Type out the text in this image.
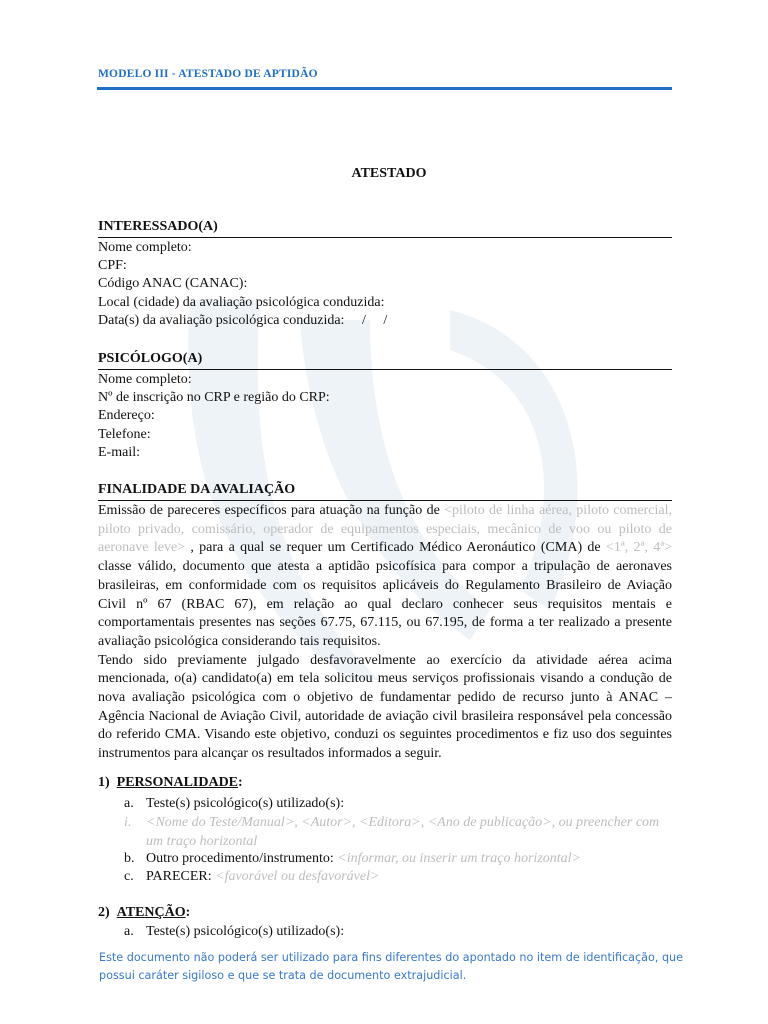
MODELO III - ATESTADO DE APTIDÃO
ATESTADO
INTERESSADO(A)
Nome completo:
CPF:
Código ANAC (CANAC):
Local (cidade) da avaliação psicológica conduzida:
Data(s) da avaliação psicológica conduzida:     /     /
PSICÓLOGO(A)
Nome completo:
Nº de inscrição no CRP e região do CRP:
Endereço:
Telefone:
E-mail:
FINALIDADE DA AVALIAÇÃO
Emissão de pareceres específicos para atuação na função de <piloto de linha aérea, piloto comercial, piloto privado, comissário, operador de equipamentos especiais, mecânico de voo ou piloto de aeronave leve> , para a qual se requer um Certificado Médico Aeronáutico (CMA) de <1ª, 2ª, 4ª> classe válido, documento que atesta a aptidão psicofísica para compor a tripulação de aeronaves brasileiras, em conformidade com os requisitos aplicáveis do Regulamento Brasileiro de Aviação Civil nº 67 (RBAC 67), em relação ao qual declaro conhecer seus requisitos mentais e comportamentais presentes nas seções 67.75, 67.115, ou 67.195, de forma a ter realizado a presente avaliação psicológica considerando tais requisitos.
Tendo sido previamente julgado desfavoravelmente ao exercício da atividade aérea acima mencionada, o(a) candidato(a) em tela solicitou meus serviços profissionais visando a condução de nova avaliação psicológica com o objetivo de fundamentar pedido de recurso junto à ANAC – Agência Nacional de Aviação Civil, autoridade de aviação civil brasileira responsável pela concessão do referido CMA. Visando este objetivo, conduzi os seguintes procedimentos e fiz uso dos seguintes instrumentos para alcançar os resultados informados a seguir.
1) PERSONALIDADE:
a. Teste(s) psicológico(s) utilizado(s):
i. <Nome do Teste/Manual>, <Autor>, <Editora>, <Ano de publicação>, ou preencher com um traço horizontal
b. Outro procedimento/instrumento: <informar, ou inserir um traço horizontal>
c. PARECER: <favorável ou desfavorável>
2) ATENÇÃO:
a. Teste(s) psicológico(s) utilizado(s):
Este documento não poderá ser utilizado para fins diferentes do apontado no item de identificação, que possui caráter sigiloso e que se trata de documento extrajudicial.
